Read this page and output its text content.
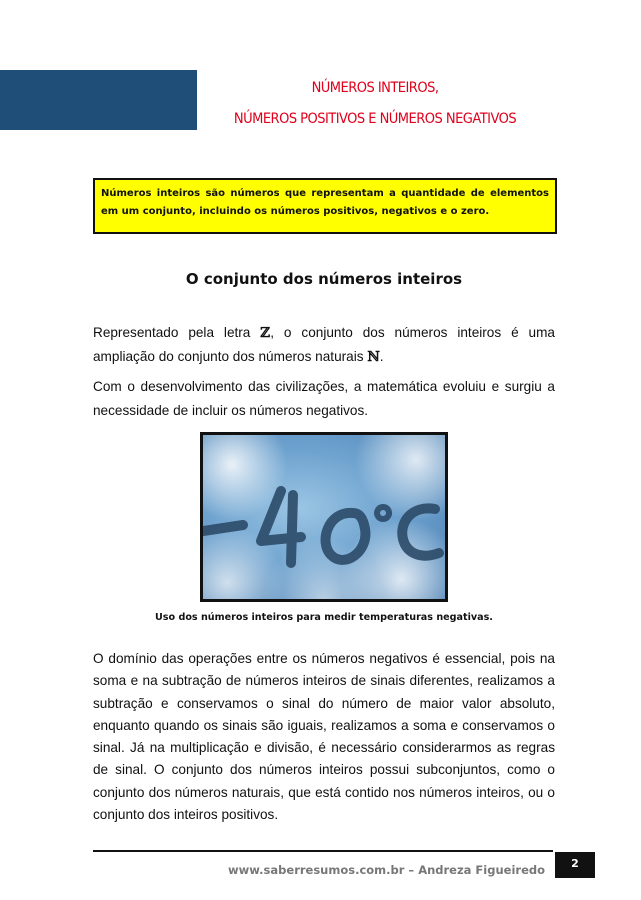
NÚMEROS INTEIROS,
NÚMEROS POSITIVOS E NÚMEROS NEGATIVOS
Números inteiros são números que representam a quantidade de elementos em um conjunto, incluindo os números positivos, negativos e o zero.
O conjunto dos números inteiros
Representado pela letra ℤ, o conjunto dos números inteiros é uma ampliação do conjunto dos números naturais ℕ.
Com o desenvolvimento das civilizações, a matemática evoluiu e surgiu a necessidade de incluir os números negativos.
Uso dos números inteiros para medir temperaturas negativas.
O domínio das operações entre os números negativos é essencial, pois na soma e na subtração de números inteiros de sinais diferentes, realizamos a subtração e conservamos o sinal do número de maior valor absoluto, enquanto quando os sinais são iguais, realizamos a soma e conservamos o sinal. Já na multiplicação e divisão, é necessário considerarmos as regras de sinal. O conjunto dos números inteiros possui subconjuntos, como o conjunto dos números naturais, que está contido nos números inteiros, ou o conjunto dos inteiros positivos.
www.saberresumos.com.br – Andreza Figueiredo	2
